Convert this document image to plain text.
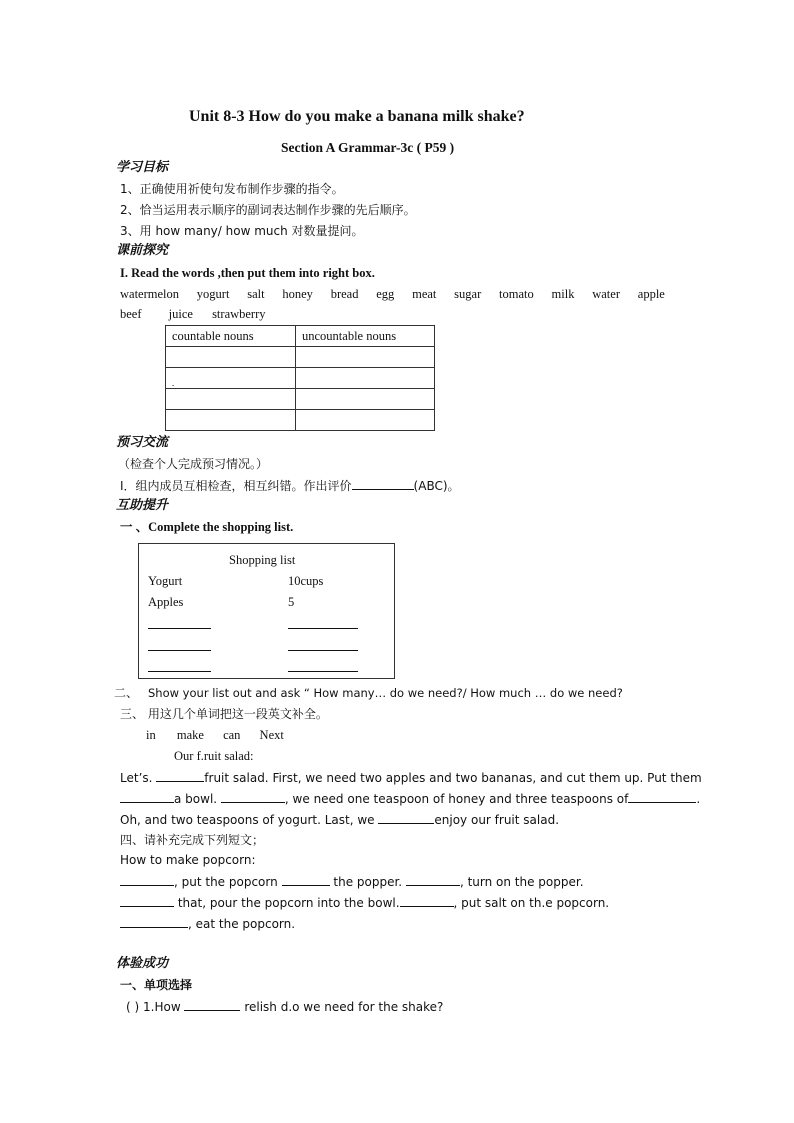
Unit 8-3 How do you make a banana milk shake?
Section A Grammar-3c ( P59 )
学习目标
1、正确使用祈使句发布制作步骤的指令。
2、恰当运用表示顺序的副词表达制作步骤的先后顺序。
3、用 how many/ how much 对数量提问。
课前探究
I. Read the words ,then put them into right box.
watermelon yogurt salt honey bread egg meat sugar tomato milk water apple
beef juice strawberry
countable nouns	uncountable nouns

.	

预习交流
（检查个人完成预习情况。）
I．组内成员互相检查，相互纠错。作出评价	(ABC)。
互助提升
一 、Complete the shopping list.
Shopping list
Yogurt	10cups
Apples	5
二、 Show your list out and ask “ How many… do we need?/ How much … do we need?
三、 用这几个单词把这一段英文补全。
in make can Next
Our f.ruit salad:
Let’s.	fruit salad. First, we need two apples and two bananas, and cut them up. Put them
a bowl.	, we need one teaspoon of honey and three teaspoons of	.
Oh, and two teaspoons of yogurt. Last, we	enjoy our fruit salad.
四、请补充完成下列短文；
How to make popcorn:
, put the popcorn	the popper.	, turn on the popper.
that, pour the popcorn into the bowl.	, put salt on th.e popcorn.
, eat the popcorn.
体验成功
一、单项选择
( ) 1.How	relish d.o we need for the shake?
